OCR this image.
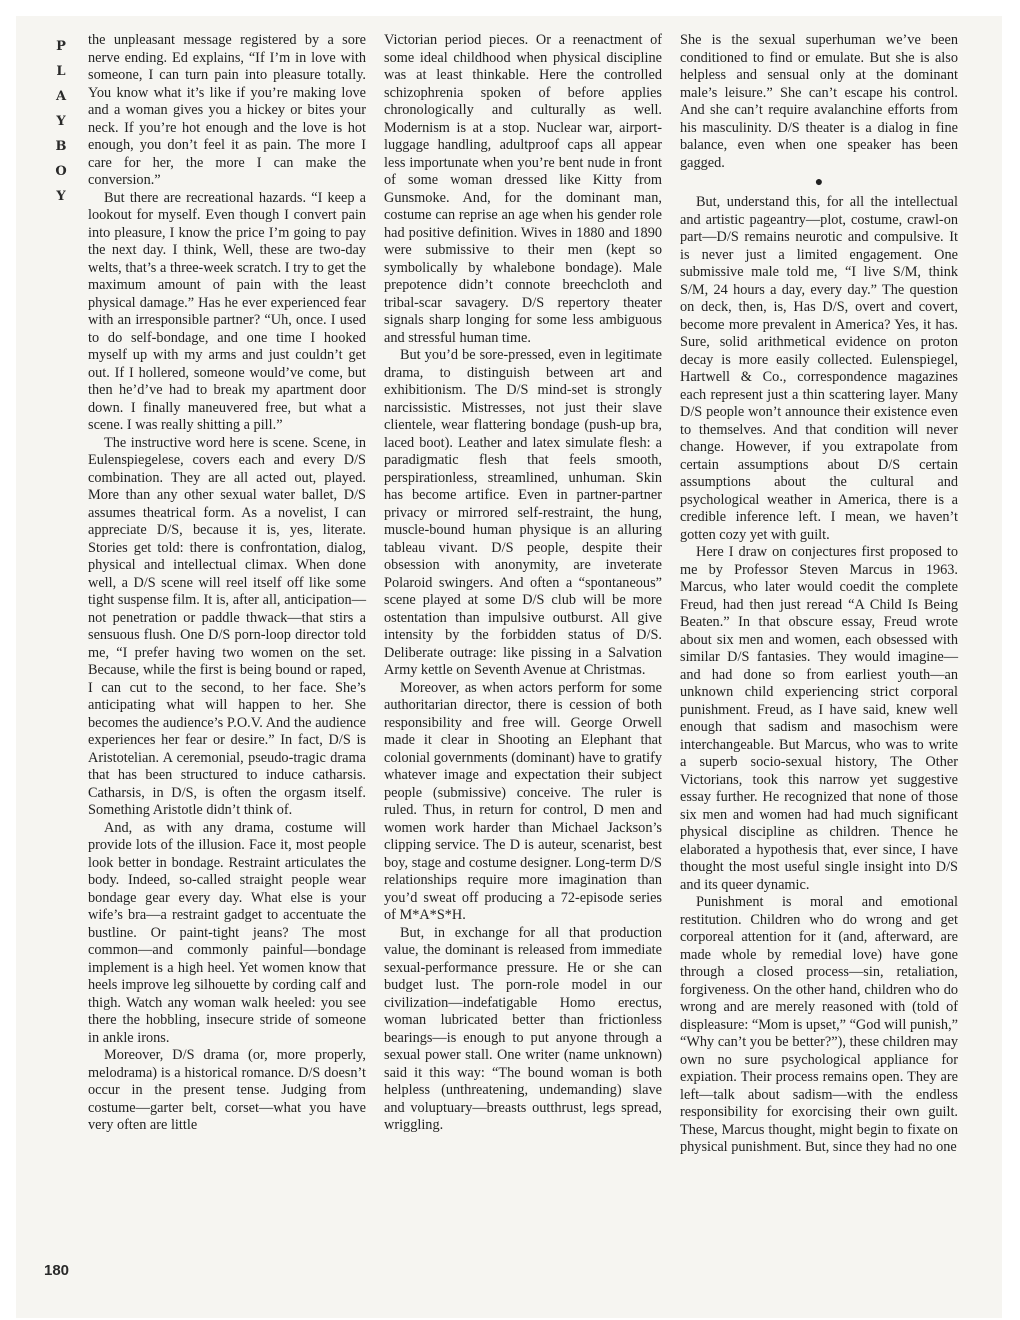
P
L
A
Y
B
O
Y
180

the unpleasant message registered by a sore nerve ending. Ed explains, “If I’m in love with someone, I can turn pain into pleasure totally. You know what it’s like if you’re making love and a woman gives you a hickey or bites your neck. If you’re hot enough and the love is hot enough, you don’t feel it as pain. The more I care for her, the more I can make the conversion.”

But there are recreational hazards. “I keep a lookout for myself. Even though I convert pain into pleasure, I know the price I’m going to pay the next day. I think, Well, these are two-day welts, that’s a three-week scratch. I try to get the maximum amount of pain with the least physical damage.” Has he ever experienced fear with an irresponsible partner? “Uh, once. I used to do self-bondage, and one time I hooked myself up with my arms and just couldn’t get out. If I hollered, someone would’ve come, but then he’d’ve had to break my apartment door down. I finally maneuvered free, but what a scene. I was really shitting a pill.”

The instructive word here is scene. Scene, in Eulenspiegelese, covers each and every D/S combination. They are all acted out, played. More than any other sexual water ballet, D/S assumes theatrical form. As a novelist, I can appreciate D/S, because it is, yes, literate. Stories get told: there is confrontation, dialog, physical and intellectual climax. When done well, a D/S scene will reel itself off like some tight suspense film. It is, after all, anticipation—not penetration or paddle thwack—that stirs a sensuous flush. One D/S porn-loop director told me, “I prefer having two women on the set. Because, while the first is being bound or raped, I can cut to the second, to her face. She’s anticipating what will happen to her. She becomes the audience’s P.O.V. And the audience experiences her fear or desire.” In fact, D/S is Aristotelian. A ceremonial, pseudo-tragic drama that has been structured to induce catharsis. Catharsis, in D/S, is often the orgasm itself. Something Aristotle didn’t think of.

And, as with any drama, costume will provide lots of the illusion. Face it, most people look better in bondage. Restraint articulates the body. Indeed, so-called straight people wear bondage gear every day. What else is your wife’s bra—a restraint gadget to accentuate the bustline. Or paint-tight jeans? The most common—and commonly painful—bondage implement is a high heel. Yet women know that heels improve leg silhouette by cording calf and thigh. Watch any woman walk heeled: you see there the hobbling, insecure stride of someone in ankle irons.

Moreover, D/S drama (or, more properly, melodrama) is a historical romance. D/S doesn’t occur in the present tense. Judging from costume—garter belt, corset—what you have very often are little

Victorian period pieces. Or a reenactment of some ideal childhood when physical discipline was at least thinkable. Here the controlled schizophrenia spoken of before applies chronologically and culturally as well. Modernism is at a stop. Nuclear war, airport-luggage handling, adultproof caps all appear less importunate when you’re bent nude in front of some woman dressed like Kitty from Gunsmoke. And, for the dominant man, costume can reprise an age when his gender role had positive definition. Wives in 1880 and 1890 were submissive to their men (kept so symbolically by whalebone bondage). Male prepotence didn’t connote breechcloth and tribal-scar savagery. D/S repertory theater signals sharp longing for some less ambiguous and stressful human time.

But you’d be sore-pressed, even in legitimate drama, to distinguish between art and exhibitionism. The D/S mind-set is strongly narcissistic. Mistresses, not just their slave clientele, wear flattering bondage (push-up bra, laced boot). Leather and latex simulate flesh: a paradigmatic flesh that feels smooth, perspirationless, streamlined, unhuman. Skin has become artifice. Even in partner-partner privacy or mirrored self-restraint, the hung, muscle-bound human physique is an alluring tableau vivant. D/S people, despite their obsession with anonymity, are inveterate Polaroid swingers. And often a “spontaneous” scene played at some D/S club will be more ostentation than impulsive outburst. All give intensity by the forbidden status of D/S. Deliberate outrage: like pissing in a Salvation Army kettle on Seventh Avenue at Christmas.

Moreover, as when actors perform for some authoritarian director, there is cession of both responsibility and free will. George Orwell made it clear in Shooting an Elephant that colonial governments (dominant) have to gratify whatever image and expectation their subject people (submissive) conceive. The ruler is ruled. Thus, in return for control, D men and women work harder than Michael Jackson’s clipping service. The D is auteur, scenarist, best boy, stage and costume designer. Long-term D/S relationships require more imagination than you’d sweat off producing a 72-episode series of M*A*S*H.

But, in exchange for all that production value, the dominant is released from immediate sexual-performance pressure. He or she can budget lust. The porn-role model in our civilization—indefatigable Homo erectus, woman lubricated better than frictionless bearings—is enough to put anyone through a sexual power stall. One writer (name unknown) said it this way: “The bound woman is both helpless (unthreatening, undemanding) slave and voluptuary—breasts outthrust, legs spread, wriggling.

She is the sexual superhuman we’ve been conditioned to find or emulate. But she is also helpless and sensual only at the dominant male’s leisure.” She can’t escape his control. And she can’t require avalanchine efforts from his masculinity. D/S theater is a dialog in fine balance, even when one speaker has been gagged.

●

But, understand this, for all the intellectual and artistic pageantry—plot, costume, crawl-on part—D/S remains neurotic and compulsive. It is never just a limited engagement. One submissive male told me, “I live S/M, think S/M, 24 hours a day, every day.” The question on deck, then, is, Has D/S, overt and covert, become more prevalent in America? Yes, it has. Sure, solid arithmetical evidence on proton decay is more easily collected. Eulenspiegel, Hartwell & Co., correspondence magazines each represent just a thin scattering layer. Many D/S people won’t announce their existence even to themselves. And that condition will never change. However, if you extrapolate from certain assumptions about D/S certain assumptions about the cultural and psychological weather in America, there is a credible inference left. I mean, we haven’t gotten cozy yet with guilt.

Here I draw on conjectures first proposed to me by Professor Steven Marcus in 1963. Marcus, who later would coedit the complete Freud, had then just reread “A Child Is Being Beaten.” In that obscure essay, Freud wrote about six men and women, each obsessed with similar D/S fantasies. They would imagine—and had done so from earliest youth—an unknown child experiencing strict corporal punishment. Freud, as I have said, knew well enough that sadism and masochism were interchangeable. But Marcus, who was to write a superb socio-sexual history, The Other Victorians, took this narrow yet suggestive essay further. He recognized that none of those six men and women had had much significant physical discipline as children. Thence he elaborated a hypothesis that, ever since, I have thought the most useful single insight into D/S and its queer dynamic.

Punishment is moral and emotional restitution. Children who do wrong and get corporeal attention for it (and, afterward, are made whole by remedial love) have gone through a closed process—sin, retaliation, forgiveness. On the other hand, children who do wrong and are merely reasoned with (told of displeasure: “Mom is upset,” “God will punish,” “Why can’t you be better?”), these children may own no sure psychological appliance for expiation. Their process remains open. They are left—talk about sadism—with the endless responsibility for exorcising their own guilt. These, Marcus thought, might begin to fixate on physical punishment. But, since they had no one
